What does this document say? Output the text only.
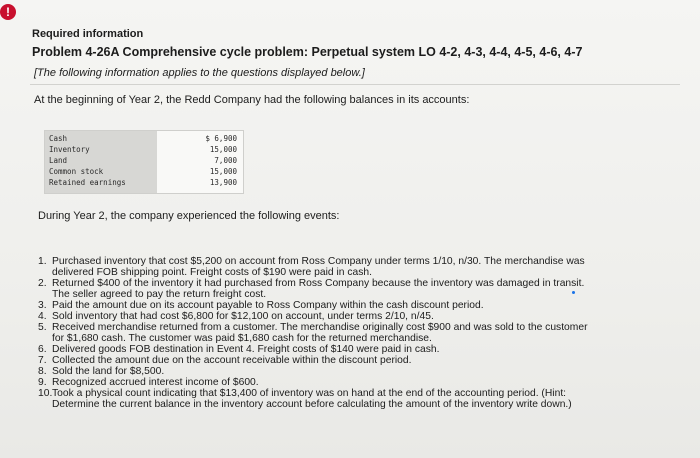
!
Required information
Problem 4-26A Comprehensive cycle problem: Perpetual system LO 4-2, 4-3, 4-4, 4-5, 4-6, 4-7
[The following information applies to the questions displayed below.]
At the beginning of Year 2, the Redd Company had the following balances in its accounts:
Cash	$ 6,900
Inventory	15,000
Land	7,000
Common stock	15,000
Retained earnings	13,900
During Year 2, the company experienced the following events:
1. Purchased inventory that cost $5,200 on account from Ross Company under terms 1/10, n/30. The merchandise was
delivered FOB shipping point. Freight costs of $190 were paid in cash.
2. Returned $400 of the inventory it had purchased from Ross Company because the inventory was damaged in transit.
The seller agreed to pay the return freight cost.
3. Paid the amount due on its account payable to Ross Company within the cash discount period.
4. Sold inventory that had cost $6,800 for $12,100 on account, under terms 2/10, n/45.
5. Received merchandise returned from a customer. The merchandise originally cost $900 and was sold to the customer
for $1,680 cash. The customer was paid $1,680 cash for the returned merchandise.
6. Delivered goods FOB destination in Event 4. Freight costs of $140 were paid in cash.
7. Collected the amount due on the account receivable within the discount period.
8. Sold the land for $8,500.
9. Recognized accrued interest income of $600.
10. Took a physical count indicating that $13,400 of inventory was on hand at the end of the accounting period. (Hint:
Determine the current balance in the inventory account before calculating the amount of the inventory write down.)
